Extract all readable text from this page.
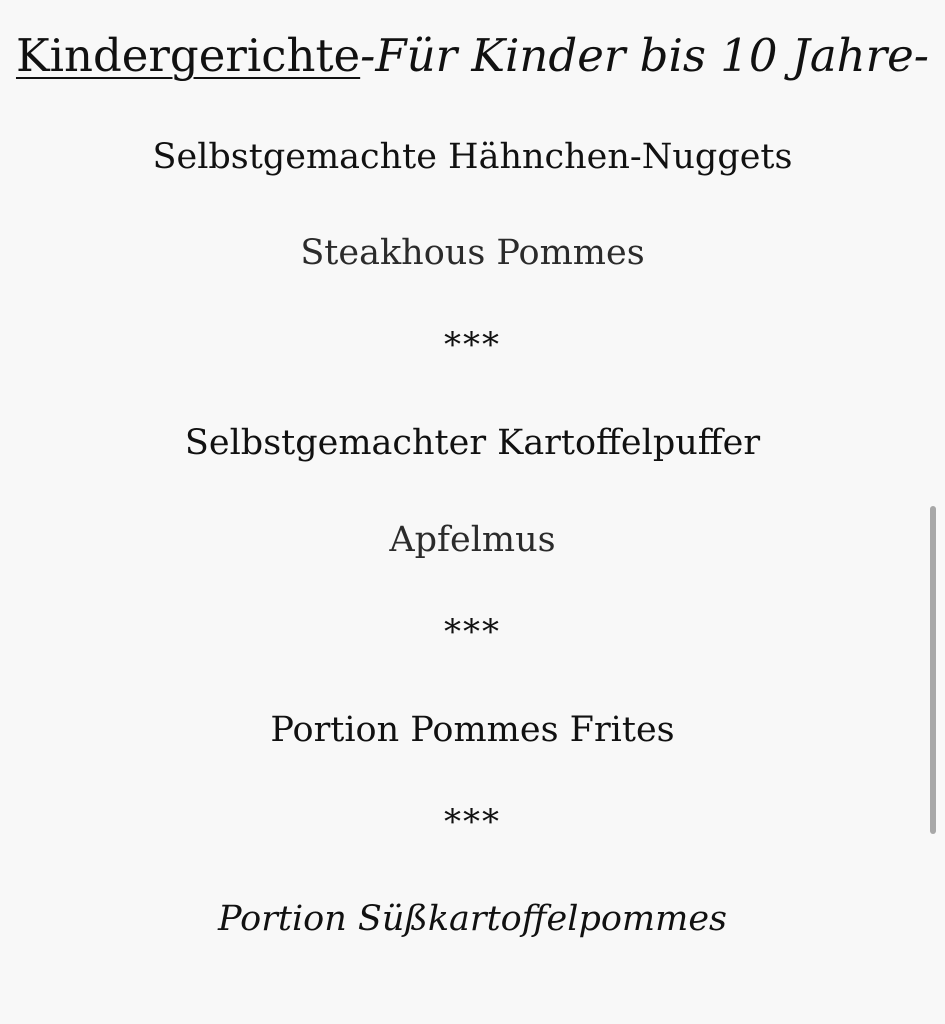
Kindergerichte-Für Kinder bis 10 Jahre-
Selbstgemachte Hähnchen-Nuggets
Steakhous Pommes
***
Selbstgemachter Kartoffelpuffer
Apfelmus
***
Portion Pommes Frites
***
Portion Süßkartoffelpommes
